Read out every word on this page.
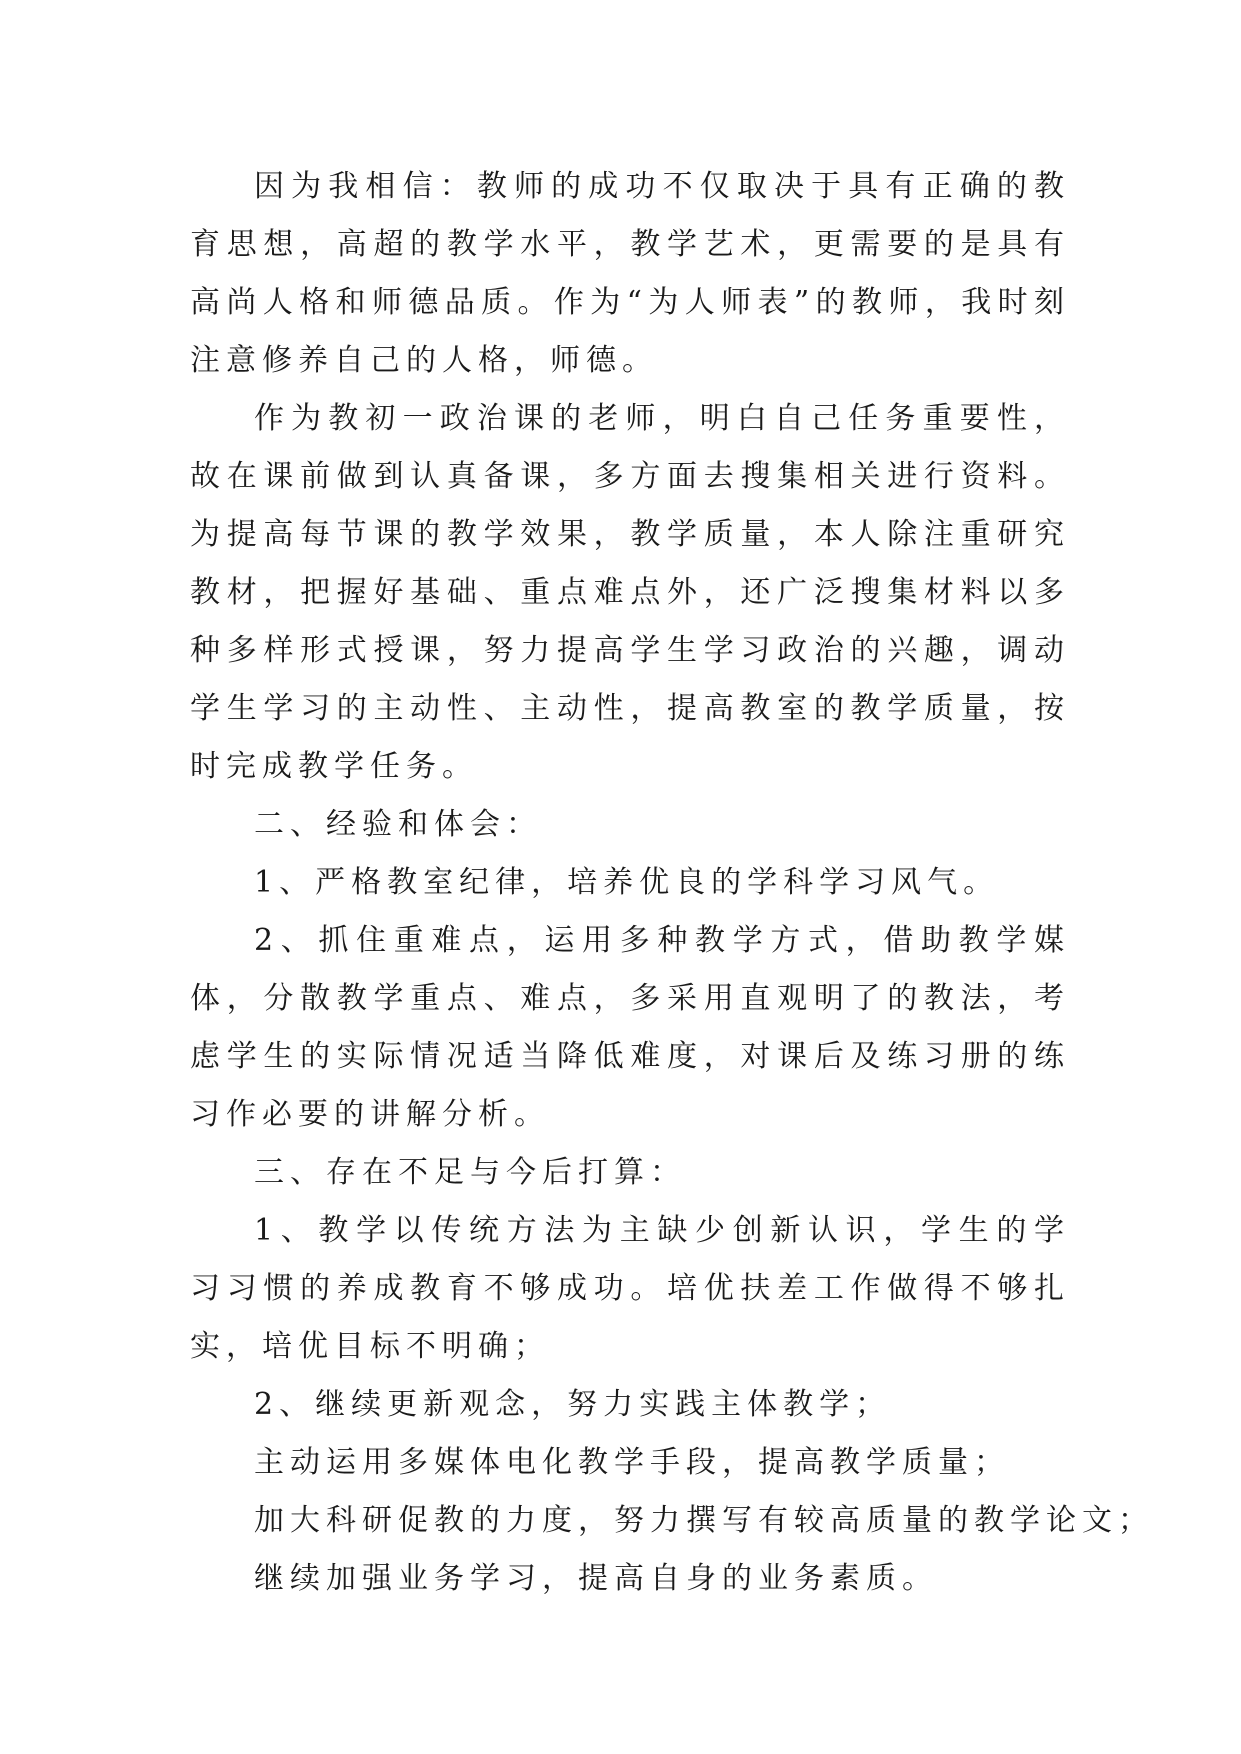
因为我相信：教师的成功不仅取决于具有正确的教育思想，高超的教学水平，教学艺术，更需要的是具有高尚人格和师德品质。作为“为人师表”的教师，我时刻注意修养自己的人格，师德。

作为教初一政治课的老师，明白自己任务重要性，故在课前做到认真备课，多方面去搜集相关进行资料。为提高每节课的教学效果，教学质量，本人除注重研究教材，把握好基础、重点难点外，还广泛搜集材料以多种多样形式授课，努力提高学生学习政治的兴趣，调动学生学习的主动性、主动性，提高教室的教学质量，按时完成教学任务。

二、经验和体会：

1、严格教室纪律，培养优良的学科学习风气。

2、抓住重难点，运用多种教学方式，借助教学媒体，分散教学重点、难点，多采用直观明了的教法，考虑学生的实际情况适当降低难度，对课后及练习册的练习作必要的讲解分析。

三、存在不足与今后打算：

1、教学以传统方法为主缺少创新认识，学生的学习习惯的养成教育不够成功。培优扶差工作做得不够扎实，培优目标不明确；

2、继续更新观念，努力实践主体教学；

主动运用多媒体电化教学手段，提高教学质量；

加大科研促教的力度，努力撰写有较高质量的教学论文；

继续加强业务学习，提高自身的业务素质。
